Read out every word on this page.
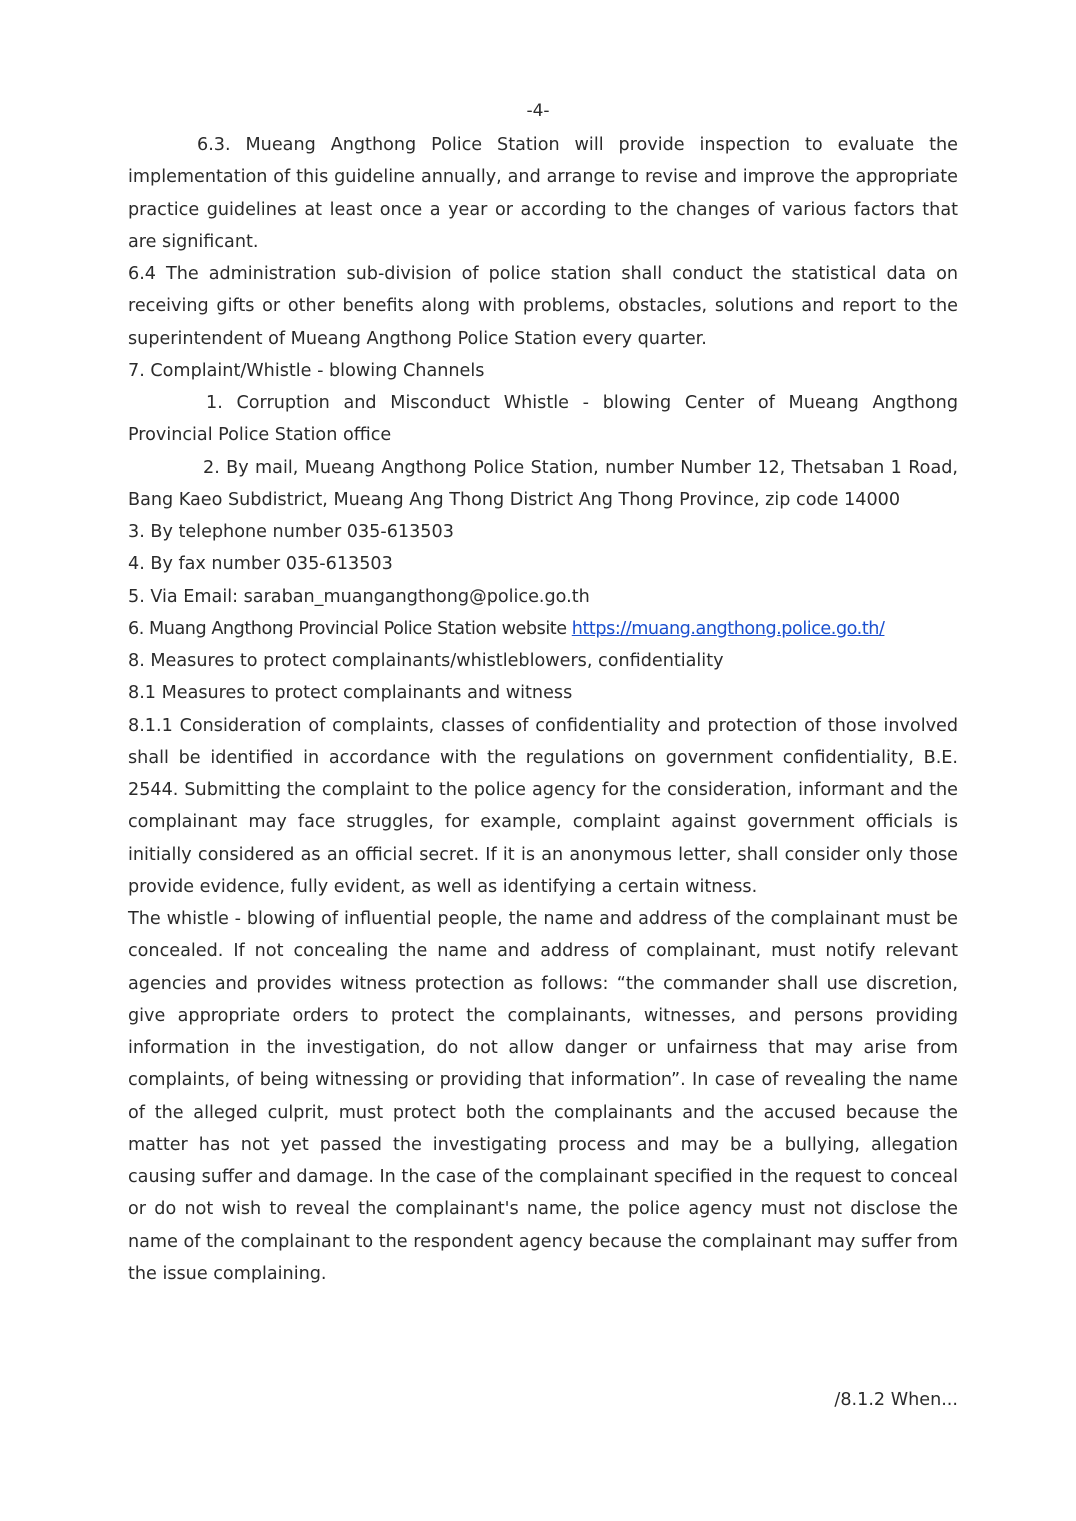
-4-

6.3. Mueang Angthong Police Station will provide inspection to evaluate the implementation of this guideline annually, and arrange to revise and improve the appropriate practice guidelines at least once a year or according to the changes of various factors that are significant.

6.4 The administration sub-division of police station shall conduct the statistical data on receiving gifts or other benefits along with problems, obstacles, solutions and report to the superintendent of Mueang Angthong Police Station every quarter.

7. Complaint/Whistle - blowing Channels

1. Corruption and Misconduct Whistle - blowing Center of Mueang Angthong Provincial Police Station office

2. By mail, Mueang Angthong Police Station, number Number 12, Thetsaban 1 Road, Bang Kaeo Subdistrict, Mueang Ang Thong District Ang Thong Province, zip code 14000

3. By telephone number 035-613503

4. By fax number 035-613503

5. Via Email: saraban_muangangthong@police.go.th

6. Muang Angthong Provincial Police Station website https://muang.angthong.police.go.th/

8. Measures to protect complainants/whistleblowers, confidentiality

8.1 Measures to protect complainants and witness

8.1.1 Consideration of complaints, classes of confidentiality and protection of those involved shall be identified in accordance with the regulations on government confidentiality, B.E. 2544. Submitting the complaint to the police agency for the consideration, informant and the complainant may face struggles, for example, complaint against government officials is initially considered as an official secret. If it is an anonymous letter, shall consider only those provide evidence, fully evident, as well as identifying a certain witness.

The whistle - blowing of influential people, the name and address of the complainant must be concealed. If not concealing the name and address of complainant, must notify relevant agencies and provides witness protection as follows: “the commander shall use discretion, give appropriate orders to protect the complainants, witnesses, and persons providing information in the investigation, do not allow danger or unfairness that may arise from complaints, of being witnessing or providing that information”. In case of revealing the name of the alleged culprit, must protect both the complainants and the accused because the matter has not yet passed the investigating process and may be a bullying, allegation causing suffer and damage. In the case of the complainant specified in the request to conceal or do not wish to reveal the complainant's name, the police agency must not disclose the name of the complainant to the respondent agency because the complainant may suffer from the issue complaining.

/8.1.2 When...
